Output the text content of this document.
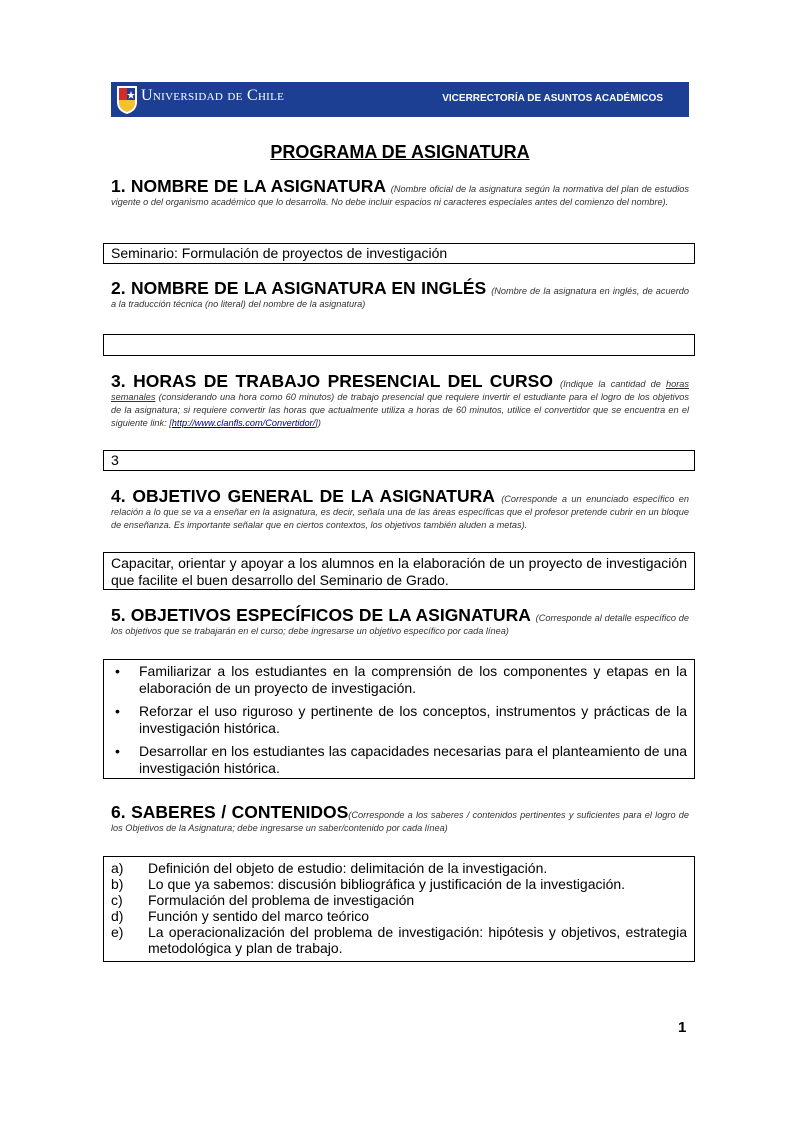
Universidad de Chile	VICERRECTORÍA DE ASUNTOS ACADÉMICOS
PROGRAMA DE ASIGNATURA

1. NOMBRE DE LA ASIGNATURA (Nombre oficial de la asignatura según la normativa del plan de estudios vigente o del organismo académico que lo desarrolla. No debe incluir espacios ni caracteres especiales antes del comienzo del nombre).

Seminario: Formulación de proyectos de investigación

2. NOMBRE DE LA ASIGNATURA EN INGLÉS (Nombre de la asignatura en inglés, de acuerdo a la traducción técnica (no literal) del nombre de la asignatura)

3. HORAS DE TRABAJO PRESENCIAL DEL CURSO (Indique la cantidad de horas semanales (considerando una hora como 60 minutos) de trabajo presencial que requiere invertir el estudiante para el logro de los objetivos de la asignatura; si requiere convertir las horas que actualmente utiliza a horas de 60 minutos, utilice el convertidor que se encuentra en el siguiente link: [http://www.clanfls.com/Convertidor/])

3

4. OBJETIVO GENERAL DE LA ASIGNATURA (Corresponde a un enunciado específico en relación a lo que se va a enseñar en la asignatura, es decir, señala una de las áreas específicas que el profesor pretende cubrir en un bloque de enseñanza. Es importante señalar que en ciertos contextos, los objetivos también aluden a metas).

Capacitar, orientar y apoyar a los alumnos en la elaboración de un proyecto de investigación que facilite el buen desarrollo del Seminario de Grado.

5. OBJETIVOS ESPECÍFICOS DE LA ASIGNATURA (Corresponde al detalle específico de los objetivos que se trabajarán en el curso; debe ingresarse un objetivo específico por cada línea)

• Familiarizar a los estudiantes en la comprensión de los componentes y etapas en la elaboración de un proyecto de investigación.
• Reforzar el uso riguroso y pertinente de los conceptos, instrumentos y prácticas de la investigación histórica.
• Desarrollar en los estudiantes las capacidades necesarias para el planteamiento de una investigación histórica.

6. SABERES / CONTENIDOS(Corresponde a los saberes / contenidos pertinentes y suficientes para el logro de los Objetivos de la Asignatura; debe ingresarse un saber/contenido por cada línea)

a) Definición del objeto de estudio: delimitación de la investigación.
b) Lo que ya sabemos: discusión bibliográfica y justificación de la investigación.
c) Formulación del problema de investigación
d) Función y sentido del marco teórico
e) La operacionalización del problema de investigación: hipótesis y objetivos, estrategia metodológica y plan de trabajo.
1
